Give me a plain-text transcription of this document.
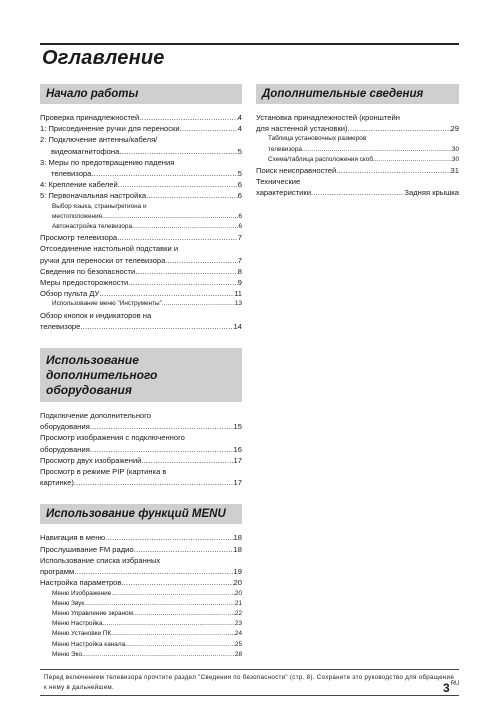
Оглавление
Начало работы
Проверка принадлежностей .....	4
1: Присоединение ручки для переноски .....	4
2: Подключение антенны/кабеля/
видеомагнитофона .....	5
3: Меры по предотвращению падения
телевизора .....	5
4: Крепление кабелей .....	6
5: Первоначальная настройка .....	6
Выбор языка, страны/региона и
местоположения .....	6
Автонастройка телевизора .....	6
Просмотр телевизора .....	7
Отсоединение настольной подставки и
ручки для переноски от телевизора .....	7
Сведения по безопасности .....	8
Меры предосторожности .....	9
Обзор пульта ДУ .....	11
Использование меню "Инструменты" .....	13
Обзор кнопок и индикаторов на
телевизоре .....	14
Использование дополнительного оборудования
Подключение дополнительного
оборудования .....	15
Просмотр изображения с подключенного
оборудования .....	16
Просмотр двух изображений .....	17
Просмотр в режиме PIP (картинка в
картинке) .....	17
Использование функций MENU
Навигация в меню .....	18
Прослушивание FM радио .....	18
Использование списка избранных
программ .....	19
Настройка параметров .....	20
Меню Изображение .....	20
Меню Звук .....	21
Меню Управление экраном .....	22
Меню Настройка .....	23
Меню Установки ПК .....	24
Меню Настройка канала .....	25
Меню Эко .....	28
Дополнительные сведения
Установка принадлежностей (кронштейн
для настенной установки) .....	29
Таблица установочных размеров
телевизора .....	30
Схема/таблица расположения скоб .....	30
Поиск неисправностей .....	31
Технические
характеристики .....	Задняя крышка
Перед включением телевизора прочтите раздел "Сведения по безопасности" (стр. 8). Сохраните это руководство для обращения к нему в дальнейшем.	$3^{RU}$
